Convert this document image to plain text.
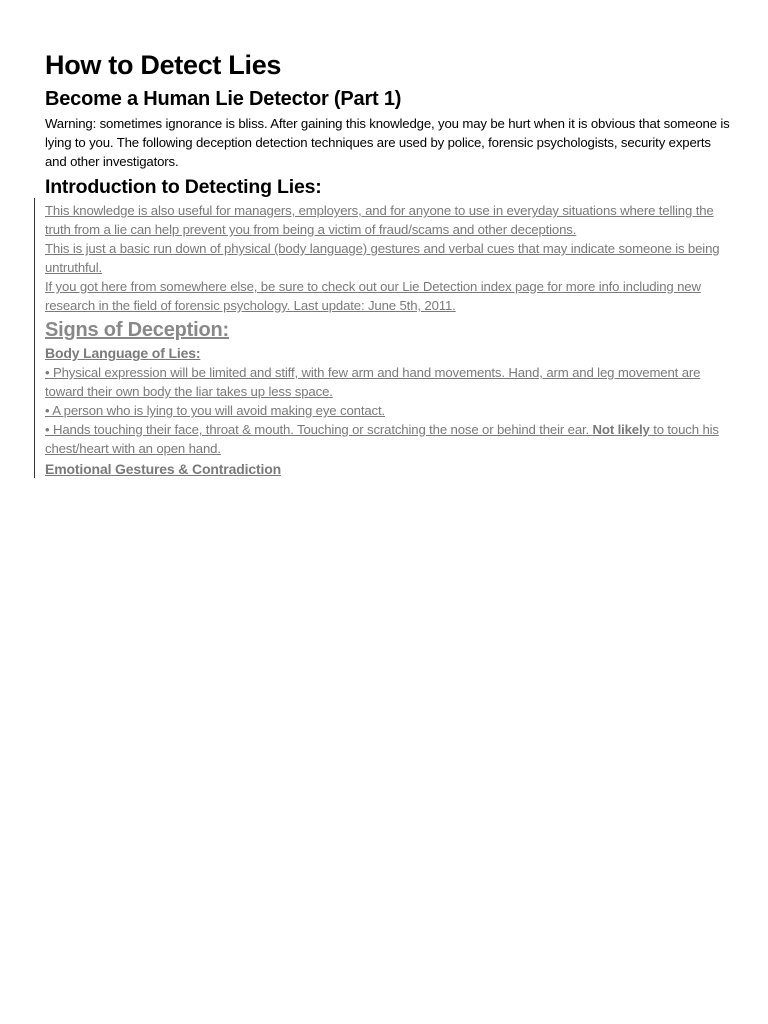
How to Detect Lies
Become a Human Lie Detector (Part 1)

Warning: sometimes ignorance is bliss. After gaining this knowledge, you may be hurt when it is obvious that someone is lying to you. The following deception detection techniques are used by police, forensic psychologists, security experts and other investigators.

Introduction to Detecting Lies:

This knowledge is also useful for managers, employers, and for anyone to use in everyday situations where telling the truth from a lie can help prevent you from being a victim of fraud/scams and other deceptions.

This is just a basic run down of physical (body language) gestures and verbal cues that may indicate someone is being untruthful.

If you got here from somewhere else, be sure to check out our Lie Detection index page for more info including new research in the field of forensic psychology. Last update: June 5th, 2011.

Signs of Deception:
Body Language of Lies:

• Physical expression will be limited and stiff, with few arm and hand movements. Hand, arm and leg movement are toward their own body the liar takes up less space.

• A person who is lying to you will avoid making eye contact.

• Hands touching their face, throat & mouth. Touching or scratching the nose or behind their ear. Not likely to touch his chest/heart with an open hand.

Emotional Gestures & Contradiction
